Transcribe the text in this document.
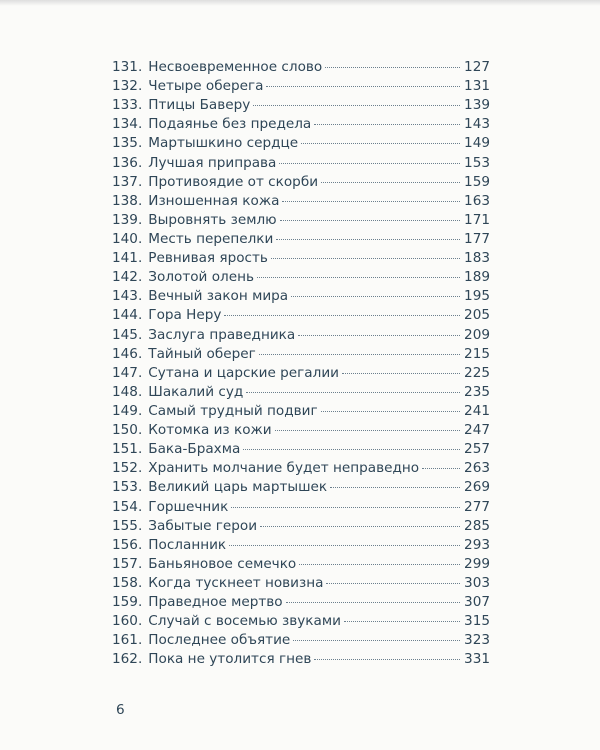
131. Несвоевременное слово	127
132. Четыре оберега	131
133. Птицы Баверу	139
134. Подаянье без предела	143
135. Мартышкино сердце	149
136. Лучшая приправа	153
137. Противоядие от скорби	159
138. Изношенная кожа	163
139. Выровнять землю	171
140. Месть перепелки	177
141. Ревнивая ярость	183
142. Золотой олень	189
143. Вечный закон мира	195
144. Гора Неру	205
145. Заслуга праведника	209
146. Тайный оберег	215
147. Сутана и царские регалии	225
148. Шакалий суд	235
149. Самый трудный подвиг	241
150. Котомка из кожи	247
151. Бака-Брахма	257
152. Хранить молчание будет неправедно	263
153. Великий царь мартышек	269
154. Горшечник	277
155. Забытые герои	285
156. Посланник	293
157. Баньяновое семечко	299
158. Когда тускнеет новизна	303
159. Праведное мертво	307
160. Случай с восемью звуками	315
161. Последнее объятие	323
162. Пока не утолится гнев	331
6
